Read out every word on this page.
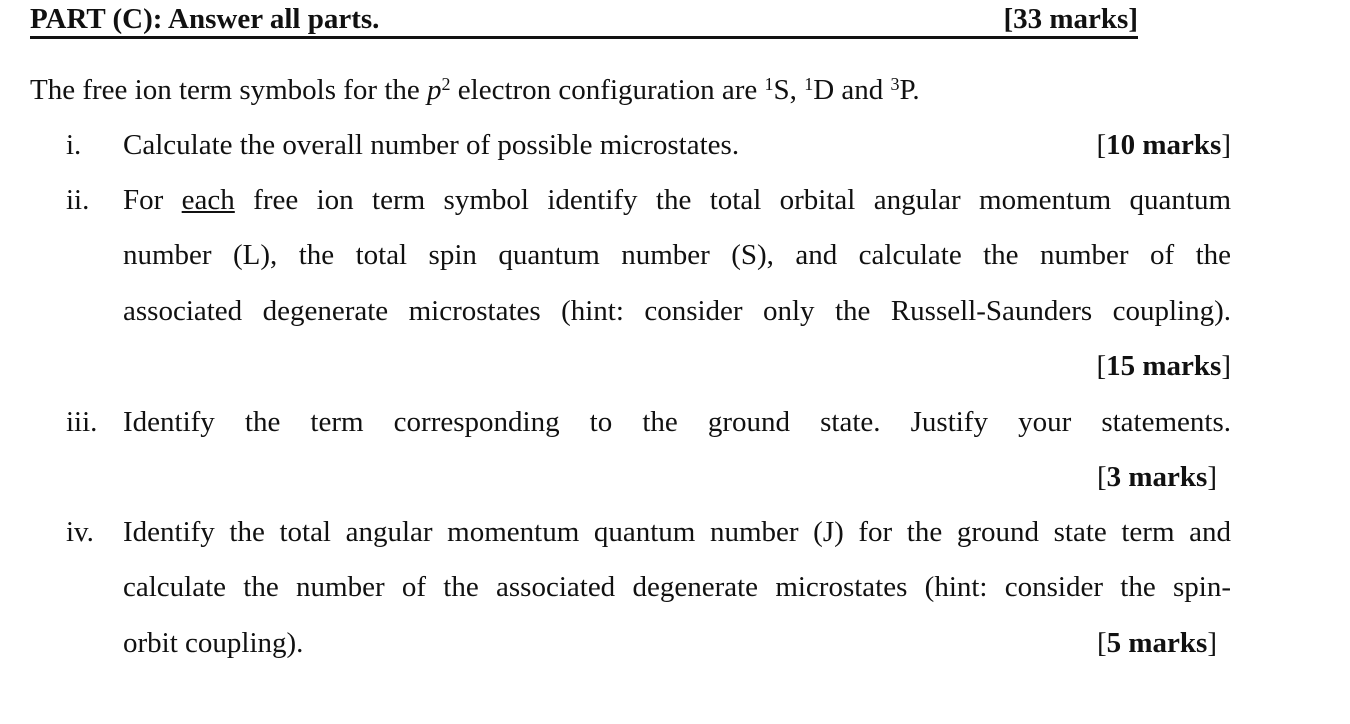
PART (C): Answer all parts.	[33 marks]
The free ion term symbols for the $p^2$ electron configuration are $^1$S, $^1$D and $^3$P.
i. Calculate the overall number of possible microstates.	[10 marks]
ii. For each free ion term symbol identify the total orbital angular momentum quantum
number (L), the total spin quantum number (S), and calculate the number of the
associated degenerate microstates (hint: consider only the Russell-Saunders coupling).
[15 marks]
iii. Identify the term corresponding to the ground state. Justify your statements.
[3 marks]
iv. Identify the total angular momentum quantum number (J) for the ground state term and
calculate the number of the associated degenerate microstates (hint: consider the spin-
orbit coupling).	[5 marks]
